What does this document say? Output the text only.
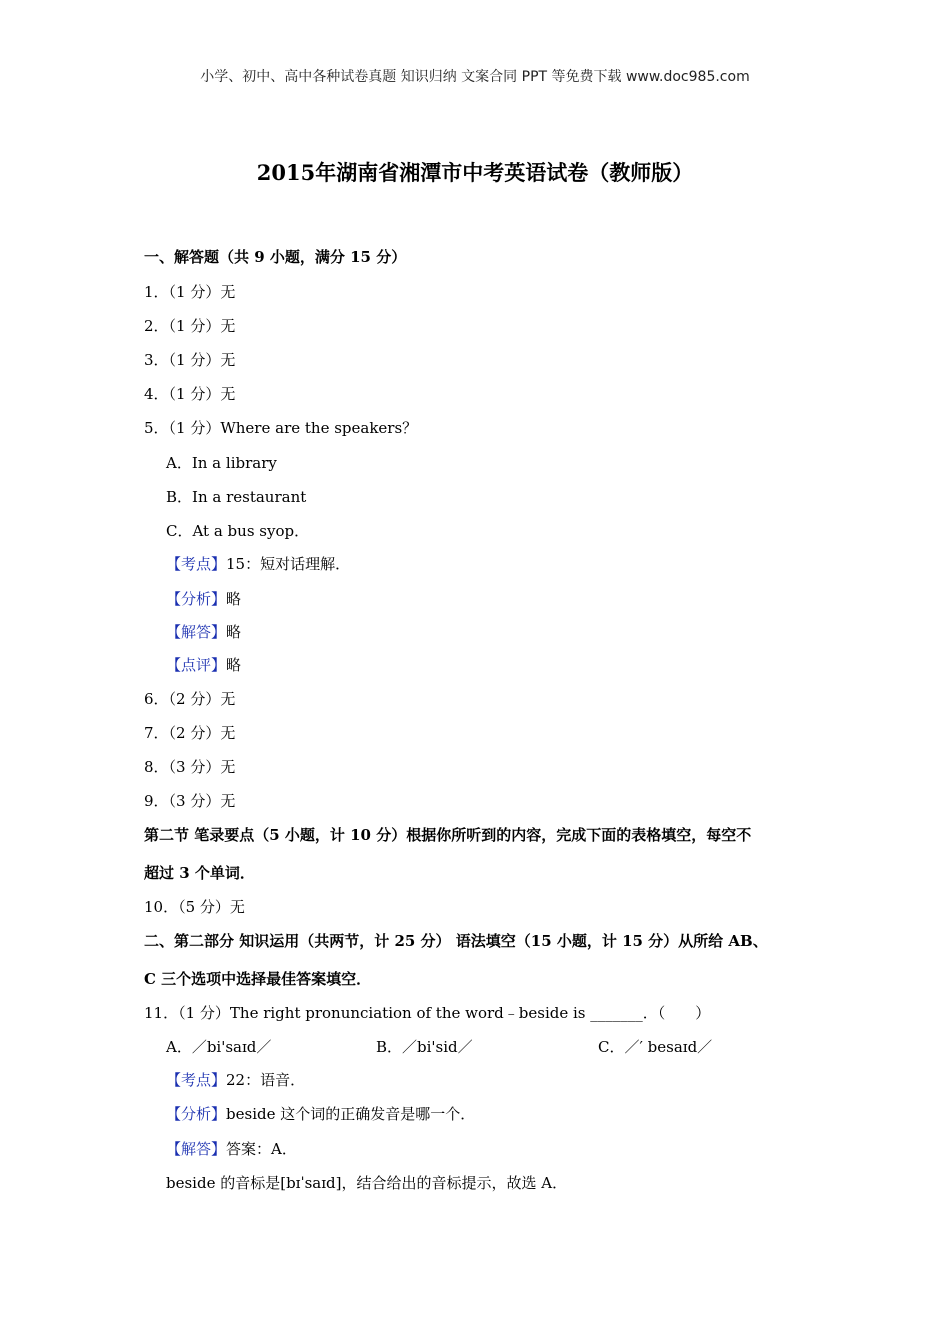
小学、初中、高中各种试卷真题 知识归纳 文案合同 PPT 等免费下载 www.doc985.com
2015年湖南省湘潭市中考英语试卷（教师版）
一、解答题（共 9 小题，满分 15 分）
1．（1 分）无
2．（1 分）无
3．（1 分）无
4．（1 分）无
5．（1 分）Where are the speakers？
A．In a library
B．In a restaurant
C．At a bus syop．
【考点】15：短对话理解．
【分析】略
【解答】略
【点评】略
6．（2 分）无
7．（2 分）无
8．（3 分）无
9．（3 分）无
第二节 笔录要点（5 小题，计 10 分）根据你所听到的内容，完成下面的表格填空，每空不
超过 3 个单词．
10．（5 分）无
二、第二部分 知识运用（共两节，计 25 分） 语法填空（15 小题，计 15 分）从所给 AB、
C 三个选项中选择最佳答案填空．
11．（1 分）The right pronunciation of the word﹣beside is _______．（　　）
A．／bi'saɪd／	B．／bi'sid／	C．／′ besaɪd／
【考点】22：语音．
【分析】beside 这个词的正确发音是哪一个．
【解答】答案：A．
beside 的音标是[bɪˈsaɪd]，结合给出的音标提示，故选 A．
